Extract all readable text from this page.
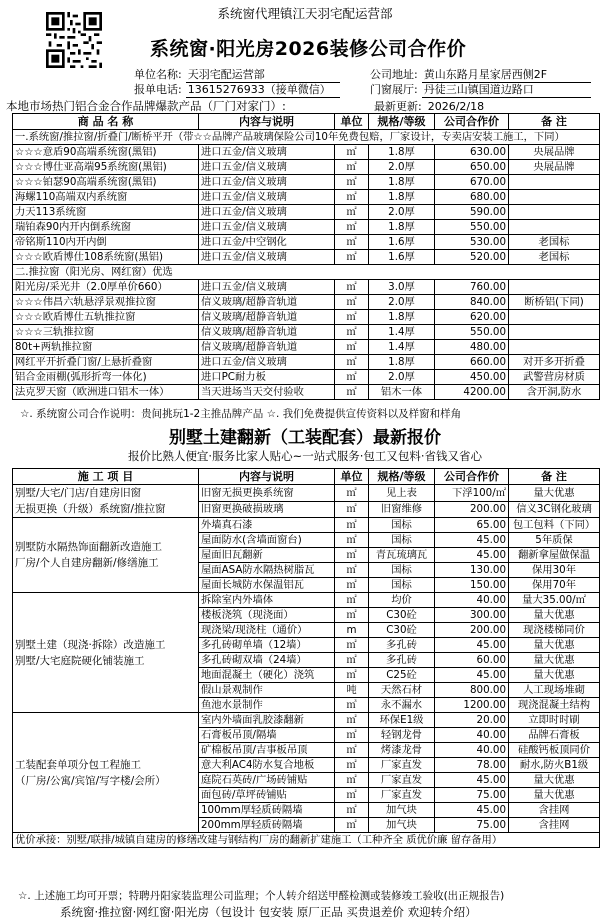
系统窗代理镇江天羽宅配运营部
系统窗·阳光房2026装修公司合作价
单位名称: 天羽宅配运营部
报单电话: 13615276933（接单微信）
公司地址: 黄山东路月星家居西侧2F
门窗展厅: 丹徒三山镇国道边路口
本地市场热门铝合金合作品牌爆款产品（厂门对家门）:	最新更新: 2026/2/18
商 品 名 称	内容与说明	单位	规格/等级	公司合作价	备 注
一.系统窗/推拉窗/折叠门/断桥平开（带☆☆品牌产品玻璃保险公司10年免费包赔，厂家设计，专卖店安装工施工，下同）					
☆☆☆意盾90高端系统窗(黑铝)	进口五金/信义玻璃	㎡	1.8厚	630.00	央展品牌
☆☆☆博仕亚高端95系统窗(黑铝)	进口五金/信义玻璃	㎡	2.0厚	650.00	央展品牌
☆☆☆铂瑟90高端系统窗(黑铝)	进口五金/信义玻璃	㎡	1.8厚	670.00	
海螺110高端双内系统窗	进口五金/信义玻璃	㎡	1.8厚	680.00	
力天113系统窗	进口五金/信义玻璃	㎡	2.0厚	590.00	
瑞铂森90内开内倒系统窗	进口五金/信义玻璃	㎡	1.8厚	550.00	
帝铭斯110内开内倒	进口五金/中空钢化	㎡	1.6厚	530.00	老国标
☆☆☆欧盾博仕108系统窗(黑铝)	进口五金/信义玻璃	㎡	1.6厚	520.00	老国标
二.推拉窗（阳光房、网红窗）优选					
阳光房/采光井（2.0厚单价660）	进口五金/信义玻璃	㎡	3.0厚	760.00	
☆☆☆伟昌六轨悬浮景观推拉窗	信义玻璃/超静音轨道	㎡	2.0厚	840.00	断桥铝(下同)
☆☆☆欧盾博仕五轨推拉窗	信义玻璃/超静音轨道	㎡	1.8厚	620.00	
☆☆☆三轨推拉窗	信义玻璃/超静音轨道	㎡	1.4厚	550.00	
80t+两轨推拉窗	信义玻璃/超静音轨道	㎡	1.4厚	480.00	
网红平开折叠门窗/上悬折叠窗	进口五金/信义玻璃	㎡	1.8厚	660.00	对开多开折叠
铝合金雨棚(弧形折弯一体化)	进口PC耐力板	㎡	2.0厚	450.00	武警营房材质
法克罗天窗（欧洲进口铝木一体）	当天进场当天交付验收	㎡	铝木一体	4200.00	含开洞,防水
☆. 系统窗公司合作说明：贵间挑玩1-2主推品牌产品 ☆. 我们免费提供宣传资料以及样窗和样角
别墅土建翻新（工装配套）最新报价
报价比熟人便宜·服务比家人贴心~一站式服务·包工又包料·省钱又省心
施 工 项 目	内容与说明	单位	规格/等级	公司合作价	备 注
别墅/大宅/门店/自建房旧窗
无损更换（升级）系统窗/推拉窗	旧窗无损更换系统窗	㎡	见上表	下浮100/㎡	量大优惠
	旧窗更换破损玻璃	㎡	旧窗维修	200.00	信义3C钢化玻璃
别墅防水隔热饰面翻新改造施工
厂房/个人自建房翻新/修缮施工	外墙真石漆	㎡	国标	65.00	包工包料（下同）
	屋面防水(含墙面窗台)	㎡	国标	45.00	5年质保
	屋面旧瓦翻新	㎡	青瓦琉璃瓦	45.00	翻新拿屋做保温
	屋面ASA防水隔热树脂瓦	㎡	国标	130.00	保用30年
	屋面长城防水保温铝瓦	㎡	国标	150.00	保用70年
别墅土建（现浇·拆除）改造施工
别墅/大宅庭院硬化铺装施工	拆除室内外墙体	㎡	均价	40.00	量大35.00/㎡
	楼板浇筑（现浇面）	㎡	C30砼	300.00	量大优惠
	现浇梁/现浇柱（通价）	m	C30砼	200.00	现浇楼梯同价
	多孔砖砌单墙（12墙）	㎡	多孔砖	45.00	量大优惠
	多孔砖砌双墙（24墙）	㎡	多孔砖	60.00	量大优惠
	地面混凝土（硬化）浇筑	㎡	C25砼	45.00	量大优惠
	假山景观制作	吨	天然石材	800.00	人工现场堆砌
	鱼池水景制作	㎥	永不漏水	1200.00	现浇混凝土结构
工装配套单项分包工程施工
（厂房/公寓/宾馆/写字楼/会所）	室内外墙面乳胶漆翻新	㎡	环保E1级	20.00	立即时时刷
	石膏板吊顶/隔墙	㎡	轻钢龙骨	40.00	品牌石膏板
	矿棉板吊顶/吉事板吊顶	㎡	烤漆龙骨	40.00	硅酸钙板顶同价
	意大利AC4防水复合地板	㎡	厂家直发	78.00	耐水,防火B1级
	庭院石英砖/广场砖铺贴	㎡	厂家直发	45.00	量大优惠
	面包砖/草坪砖铺贴	㎡	厂家直发	75.00	量大优惠
	100mm厚轻质砖隔墙	㎡	加气块	45.00	含挂网
	200mm厚轻质砖隔墙	㎡	加气块	75.00	含挂网
优价承接：别墅/联排/城镇自建房的修缮改建与钢结构厂房的翻新扩建施工（工种齐全 质优价廉 留存备用）					
☆. 上述施工均可开票；特聘丹阳家装监理公司监理；个人转介绍送甲醛检测或装修竣工验收(出正规报告)
系统窗·推拉窗·网红窗·阳光房（包设计 包安装 原厂正品 买贵退差价 欢迎转介绍）
